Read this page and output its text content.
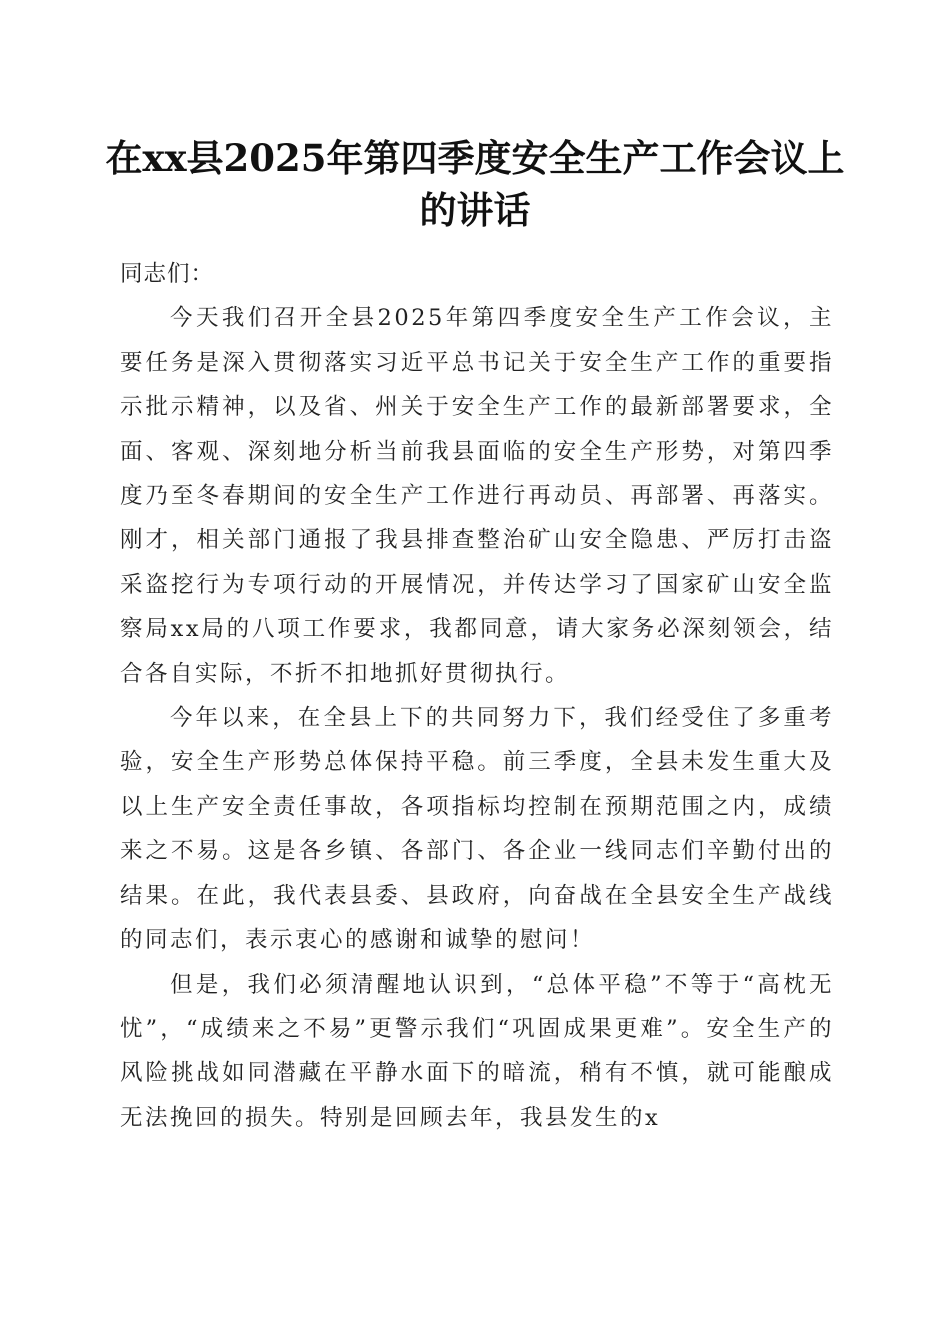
在xx县2025年第四季度安全生产工作会议上
的讲话

同志们：

今天我们召开全县2025年第四季度安全生产工作会议，主要任务是深入贯彻落实习近平总书记关于安全生产工作的重要指示批示精神，以及省、州关于安全生产工作的最新部署要求，全面、客观、深刻地分析当前我县面临的安全生产形势，对第四季度乃至冬春期间的安全生产工作进行再动员、再部署、再落实。刚才，相关部门通报了我县排查整治矿山安全隐患、严厉打击盗采盗挖行为专项行动的开展情况，并传达学习了国家矿山安全监察局xx局的八项工作要求，我都同意，请大家务必深刻领会，结合各自实际，不折不扣地抓好贯彻执行。

今年以来，在全县上下的共同努力下，我们经受住了多重考验，安全生产形势总体保持平稳。前三季度，全县未发生重大及以上生产安全责任事故，各项指标均控制在预期范围之内，成绩来之不易。这是各乡镇、各部门、各企业一线同志们辛勤付出的结果。在此，我代表县委、县政府，向奋战在全县安全生产战线的同志们，表示衷心的感谢和诚挚的慰问！

但是，我们必须清醒地认识到，“总体平稳”不等于“高枕无忧”，“成绩来之不易”更警示我们“巩固成果更难”。安全生产的风险挑战如同潜藏在平静水面下的暗流，稍有不慎，就可能酿成无法挽回的损失。特别是回顾去年，我县发生的x
